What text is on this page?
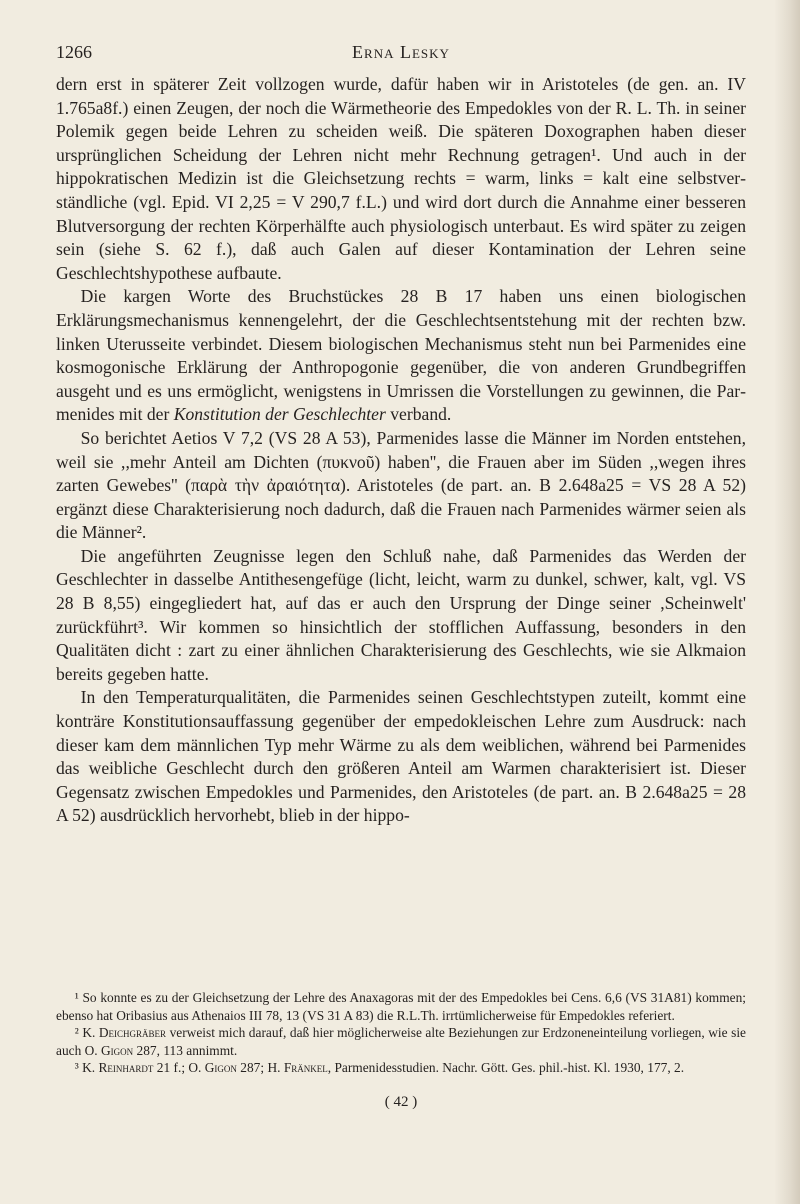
1266	Erna Lesky

dern erst in späterer Zeit vollzogen wurde, dafür haben wir in Aristoteles (de gen. an. IV 1.765a8f.) einen Zeugen, der noch die Wärmetheorie des Empedokles von der R. L. Th. in seiner Polemik gegen beide Lehren zu scheiden weiß. Die späteren Doxographen haben dieser ursprünglichen Scheidung der Lehren nicht mehr Rechnung getragen¹. Und auch in der hippokratischen Medizin ist die Gleichsetzung rechts = warm, links = kalt eine selbstverständliche (vgl. Epid. VI 2,25 = V 290,7 f.L.) und wird dort durch die Annahme einer besseren Blutversorgung der rechten Körperhälfte auch physiologisch unterbaut. Es wird später zu zeigen sein (siehe S. 62 f.), daß auch Galen auf dieser Kontamination der Lehren seine Geschlechtshypothese aufbaute.

Die kargen Worte des Bruchstückes 28 B 17 haben uns einen biologischen Erklärungsmechanismus kennengelehrt, der die Geschlechtsentstehung mit der rechten bzw. linken Uterusseite verbindet. Diesem biologischen Mechanismus steht nun bei Parmenides eine kosmogonische Erklärung der Anthropogonie gegenüber, die von anderen Grundbegriffen ausgeht und es uns ermöglicht, wenigstens in Umrissen die Vorstellungen zu gewinnen, die Parmenides mit der Konstitution der Geschlechter verband.

So berichtet Aetios V 7,2 (VS 28 A 53), Parmenides lasse die Männer im Norden entstehen, weil sie ,,mehr Anteil am Dichten (πυκνοῦ) haben'', die Frauen aber im Süden ,,wegen ihres zarten Gewebes'' (παρὰ τὴν ἀραιότητα). Aristoteles (de part. an. B 2.648a25 = VS 28 A 52) ergänzt diese Charakterisierung noch dadurch, daß die Frauen nach Parmenides wärmer seien als die Männer².

Die angeführten Zeugnisse legen den Schluß nahe, daß Parmenides das Werden der Geschlechter in dasselbe Antithesengefüge (licht, leicht, warm zu dunkel, schwer, kalt, vgl. VS 28 B 8,55) eingegliedert hat, auf das er auch den Ursprung der Dinge seiner ,Scheinwelt' zurückführt³. Wir kommen so hinsichtlich der stofflichen Auffassung, besonders in den Qualitäten dicht : zart zu einer ähnlichen Charakterisierung des Geschlechts, wie sie Alkmaion bereits gegeben hatte.

In den Temperaturqualitäten, die Parmenides seinen Geschlechtstypen zuteilt, kommt eine konträre Konstitutionsauffassung gegenüber der empedokleischen Lehre zum Ausdruck: nach dieser kam dem männlichen Typ mehr Wärme zu als dem weiblichen, während bei Parmenides das weibliche Geschlecht durch den größeren Anteil am Warmen charakterisiert ist. Dieser Gegensatz zwischen Empedokles und Parmenides, den Aristoteles (de part. an. B 2.648a25 = 28 A 52) ausdrücklich hervorhebt, blieb in der hippo-

¹ So konnte es zu der Gleichsetzung der Lehre des Anaxagoras mit der des Empedokles bei Cens. 6,6 (VS 31A81) kommen; ebenso hat Oribasius aus Athenaios III 78, 13 (VS 31 A 83) die R.L.Th. irrtümlicherweise für Empedokles referiert.

² K. Deichgräber verweist mich darauf, daß hier möglicherweise alte Beziehungen zur Erdzoneneinteilung vorliegen, wie sie auch O. Gigon 287, 113 annimmt.

³ K. Reinhardt 21 f.; O. Gigon 287; H. Fränkel, Parmenidesstudien. Nachr. Gött. Ges. phil.-hist. Kl. 1930, 177, 2.

( 42 )
